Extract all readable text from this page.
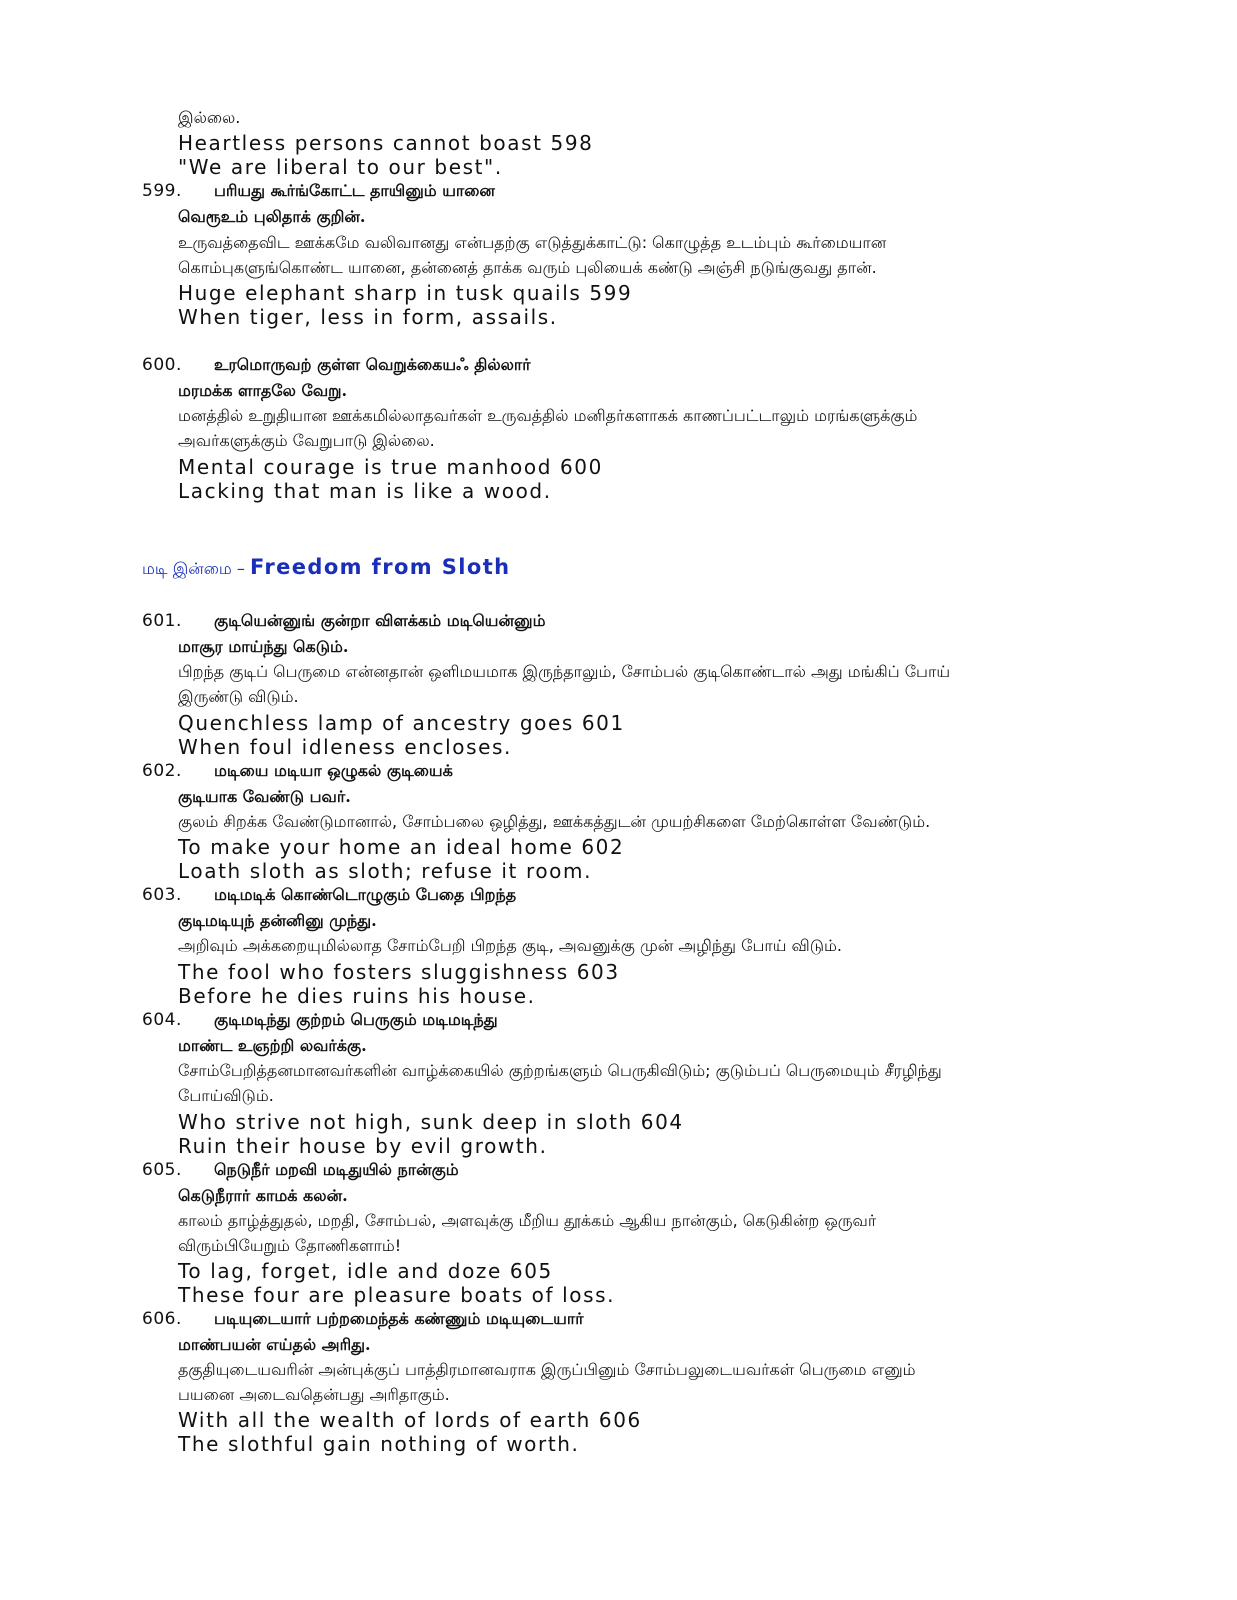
இல்லை.
Heartless persons cannot boast 598
"We are liberal to our best".
599. பரியது கூர்ங்கோட்ட தாயினும் யானை
வெரூஉம் புலிதாக் குறின்.
உருவத்தைவிட ஊக்கமே வலிவானது என்பதற்கு எடுத்துக்காட்டு: கொழுத்த உடம்பும் கூர்மையான
கொம்புகளுங்கொண்ட யானை, தன்னைத் தாக்க வரும் புலியைக் கண்டு அஞ்சி நடுங்குவது தான்.
Huge elephant sharp in tusk quails 599
When tiger, less in form, assails.
600. உரமொருவற் குள்ள வெறுக்கையஃ தில்லார்
மரமக்க ளாதலே வேறு.
மனத்தில் உறுதியான ஊக்கமில்லாதவர்கள் உருவத்தில் மனிதர்களாகக் காணப்பட்டாலும் மரங்களுக்கும்
அவர்களுக்கும் வேறுபாடு இல்லை.
Mental courage is true manhood 600
Lacking that man is like a wood.
மடி இன்மை – Freedom from Sloth
601. குடியென்னுங் குன்றா விளக்கம் மடியென்னும்
மாசூர மாய்ந்து கெடும்.
பிறந்த குடிப் பெருமை என்னதான் ஒளிமயமாக இருந்தாலும், சோம்பல் குடிகொண்டால் அது மங்கிப் போய்
இருண்டு விடும்.
Quenchless lamp of ancestry goes 601
When foul idleness encloses.
602. மடியை மடியா ஒழுகல் குடியைக்
குடியாக வேண்டு பவர்.
குலம் சிறக்க வேண்டுமானால், சோம்பலை ஒழித்து, ஊக்கத்துடன் முயற்சிகளை மேற்கொள்ள வேண்டும்.
To make your home an ideal home 602
Loath sloth as sloth; refuse it room.
603. மடிமடிக் கொண்டொழுகும் பேதை பிறந்த
குடிமடியுந் தன்னினு முந்து.
அறிவும் அக்கறையுமில்லாத சோம்பேறி பிறந்த குடி, அவனுக்கு முன் அழிந்து போய் விடும்.
The fool who fosters sluggishness 603
Before he dies ruins his house.
604. குடிமடிந்து குற்றம் பெருகும் மடிமடிந்து
மாண்ட உஞற்றி லவர்க்கு.
சோம்பேறித்தனமானவர்களின் வாழ்க்கையில் குற்றங்களும் பெருகிவிடும்; குடும்பப் பெருமையும் சீரழிந்து
போய்விடும்.
Who strive not high, sunk deep in sloth 604
Ruin their house by evil growth.
605. நெடுநீர் மறவி மடிதுயில் நான்கும்
கெடுநீரார் காமக் கலன்.
காலம் தாழ்த்துதல், மறதி, சோம்பல், அளவுக்கு மீறிய தூக்கம் ஆகிய நான்கும், கெடுகின்ற ஒருவர்
விரும்பியேறும் தோணிகளாம்!
To lag, forget, idle and doze 605
These four are pleasure boats of loss.
606. படியுடையார் பற்றமைந்தக் கண்ணும் மடியுடையார்
மாண்பயன் எய்தல் அரிது.
தகுதியுடையவரின் அன்புக்குப் பாத்திரமானவராக இருப்பினும் சோம்பலுடையவர்கள் பெருமை எனும்
பயனை அடைவதென்பது அரிதாகும்.
With all the wealth of lords of earth 606
The slothful gain nothing of worth.
